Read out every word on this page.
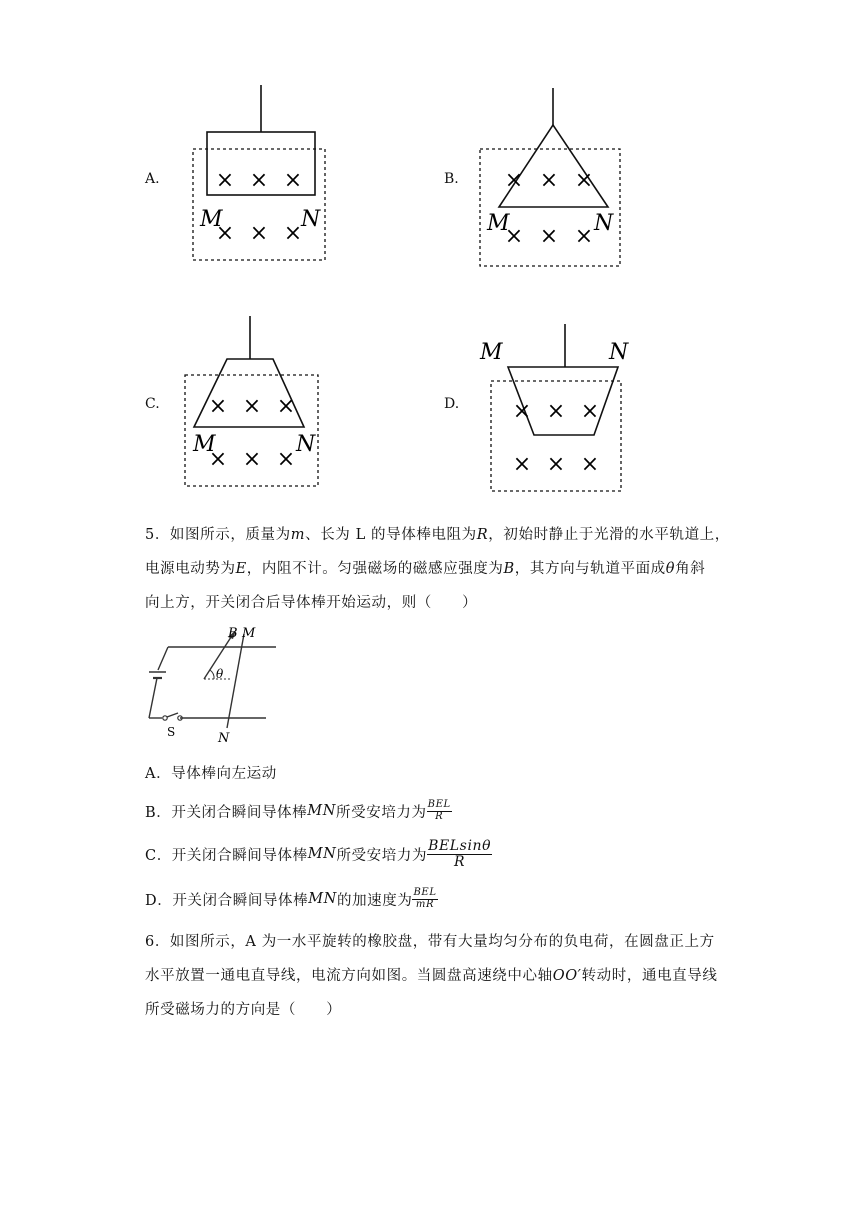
A.	× × ×
× × ×
M	N
B. × × ×
× × ×
M	N
C. × × ×
× × ×
M	N
D. × × ×
× × ×
M	N
5．如图所示，质量为m、长为 L 的导体棒电阻为R，初始时静止于光滑的水平轨道上，
电源电动势为E，内阻不计。匀强磁场的磁感应强度为B，其方向与轨道平面成θ角斜
向上方，开关闭合后导体棒开始运动，则（　　）
θ
B M
N
S
A．导体棒向左运动
B．开关闭合瞬间导体棒 MN 所受安培力为 $\frac{\text{BEL}}{R}$
C．开关闭合瞬间导体棒 MN 所受安培力为 $\frac{\text{BELsinθ}}{R}$
D．开关闭合瞬间导体棒 MN 的加速度为 $\frac{\text{BEL}}{mR}$
6．如图所示，A 为一水平旋转的橡胶盘，带有大量均匀分布的负电荷，在圆盘正上方
水平放置一通电直导线，电流方向如图。当圆盘高速绕中心轴OO′转动时，通电直导线
所受磁场力的方向是（　　）
